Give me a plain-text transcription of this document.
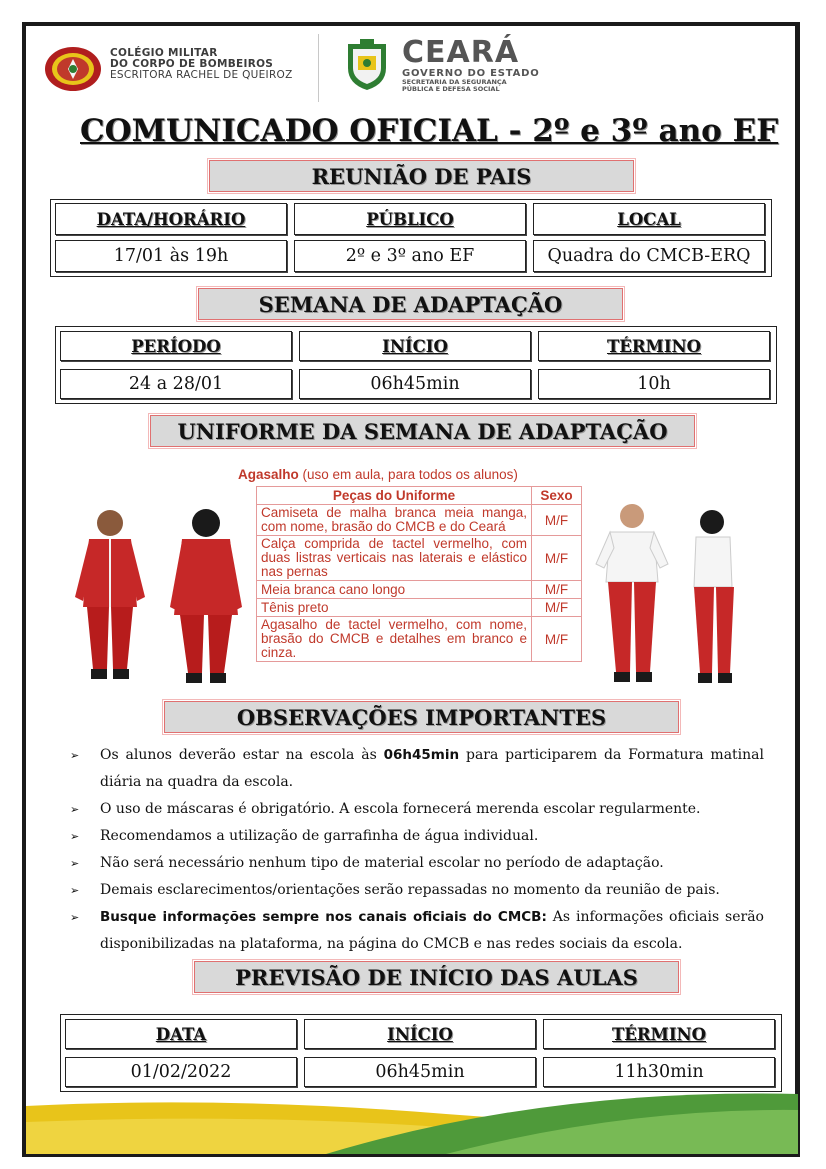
COLÉGIO MILITAR
DO CORPO DE BOMBEIROS
ESCRITORA RACHEL DE QUEIROZ
CEARÁ
GOVERNO DO ESTADO
SECRETARIA DA SEGURANÇA
PÚBLICA E DEFESA SOCIAL
COMUNICADO OFICIAL - 2º e 3º ano EF
REUNIÃO DE PAIS
DATA/HORÁRIO	PÚBLICO	LOCAL
17/01 às 19h	2º e 3º ano EF	Quadra do CMCB-ERQ
SEMANA DE ADAPTAÇÃO
PERÍODO	INÍCIO	TÉRMINO
24 a 28/01	06h45min	10h
UNIFORME DA SEMANA DE ADAPTAÇÃO
Agasalho (uso em aula, para todos os alunos)
Peças do Uniforme	Sexo
Camiseta de malha branca meia manga, com nome, brasão do CMCB e do Ceará	M/F
Calça comprida de tactel vermelho, com duas listras verticais nas laterais e elástico nas pernas	M/F
Meia branca cano longo	M/F
Tênis preto	M/F
Agasalho de tactel vermelho, com nome, brasão do CMCB e detalhes em branco e cinza.	M/F
OBSERVAÇÕES IMPORTANTES
➢ Os alunos deverão estar na escola às 06h45min para participarem da Formatura matinal diária na quadra da escola.
➢ O uso de máscaras é obrigatório. A escola fornecerá merenda escolar regularmente.
➢ Recomendamos a utilização de garrafinha de água individual.
➢ Não será necessário nenhum tipo de material escolar no período de adaptação.
➢ Demais esclarecimentos/orientações serão repassadas no momento da reunião de pais.
➢ Busque informações sempre nos canais oficiais do CMCB: As informações oficiais serão disponibilizadas na plataforma, na página do CMCB e nas redes sociais da escola.
PREVISÃO DE INÍCIO DAS AULAS
DATA	INÍCIO	TÉRMINO
01/02/2022	06h45min	11h30min
